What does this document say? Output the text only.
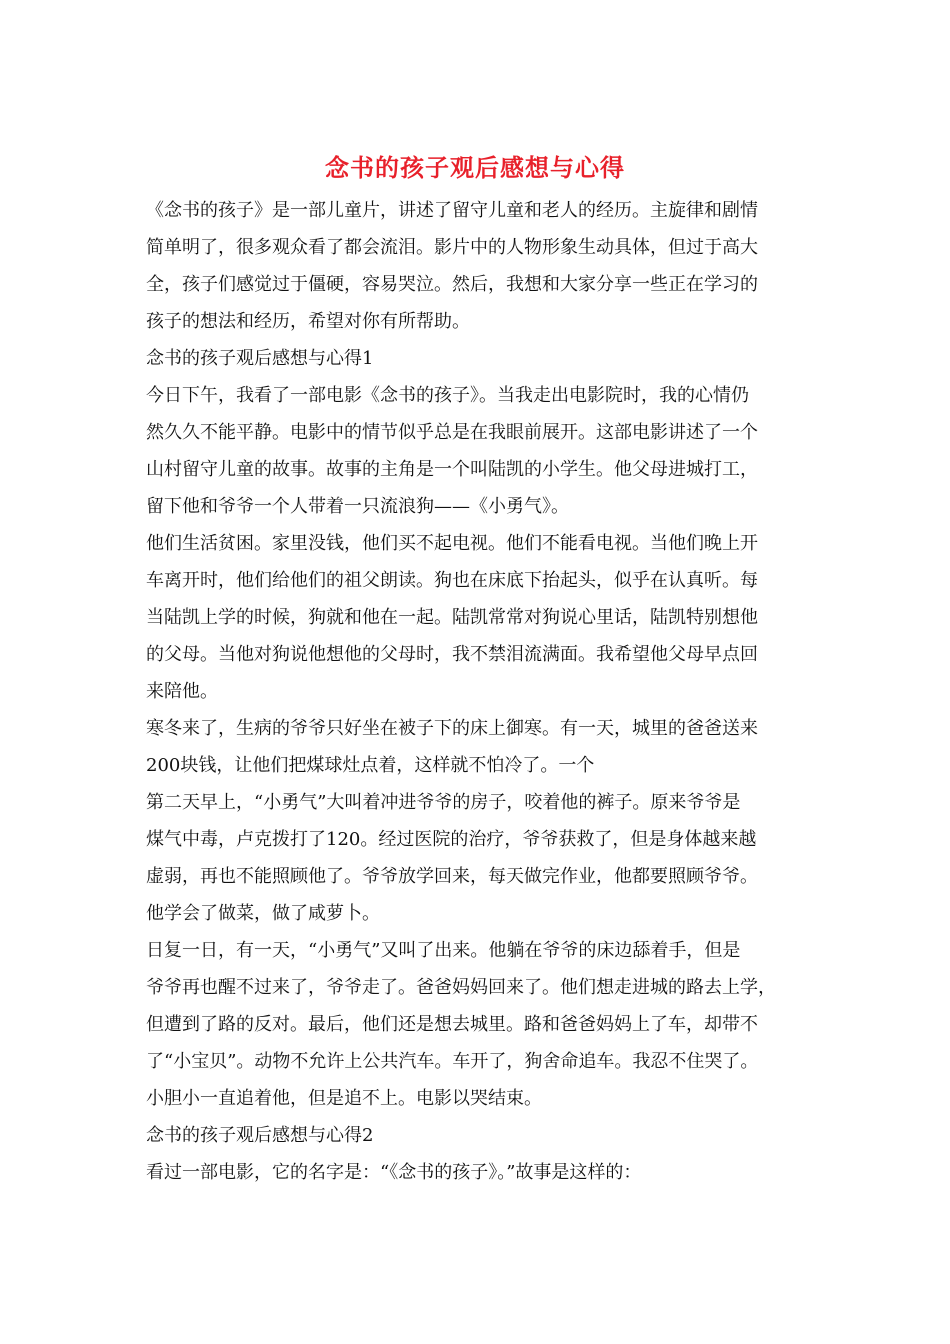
念书的孩子观后感想与心得

《念书的孩子》是一部儿童片，讲述了留守儿童和老人的经历。主旋律和剧情
简单明了，很多观众看了都会流泪。影片中的人物形象生动具体，但过于高大
全，孩子们感觉过于僵硬，容易哭泣。然后，我想和大家分享一些正在学习的
孩子的想法和经历，希望对你有所帮助。

念书的孩子观后感想与心得1

今日下午，我看了一部电影《念书的孩子》。当我走出电影院时，我的心情仍
然久久不能平静。电影中的情节似乎总是在我眼前展开。这部电影讲述了一个
山村留守儿童的故事。故事的主角是一个叫陆凯的小学生。他父母进城打工，
留下他和爷爷一个人带着一只流浪狗——《小勇气》。

他们生活贫困。家里没钱，他们买不起电视。他们不能看电视。当他们晚上开
车离开时，他们给他们的祖父朗读。狗也在床底下抬起头，似乎在认真听。每
当陆凯上学的时候，狗就和他在一起。陆凯常常对狗说心里话，陆凯特别想他
的父母。当他对狗说他想他的父母时，我不禁泪流满面。我希望他父母早点回
来陪他。

寒冬来了，生病的爷爷只好坐在被子下的床上御寒。有一天，城里的爸爸送来
200块钱，让他们把煤球灶点着，这样就不怕冷了。一个

第二天早上，“小勇气”大叫着冲进爷爷的房子，咬着他的裤子。原来爷爷是
煤气中毒，卢克拨打了120。经过医院的治疗，爷爷获救了，但是身体越来越
虚弱，再也不能照顾他了。爷爷放学回来，每天做完作业，他都要照顾爷爷。
他学会了做菜，做了咸萝卜。

日复一日，有一天，“小勇气”又叫了出来。他躺在爷爷的床边舔着手，但是
爷爷再也醒不过来了，爷爷走了。爸爸妈妈回来了。他们想走进城的路去上学，
但遭到了路的反对。最后，他们还是想去城里。路和爸爸妈妈上了车，却带不
了“小宝贝”。动物不允许上公共汽车。车开了，狗舍命追车。我忍不住哭了。
小胆小一直追着他，但是追不上。电影以哭结束。

念书的孩子观后感想与心得2

看过一部电影，它的名字是：“《念书的孩子》。”故事是这样的：
